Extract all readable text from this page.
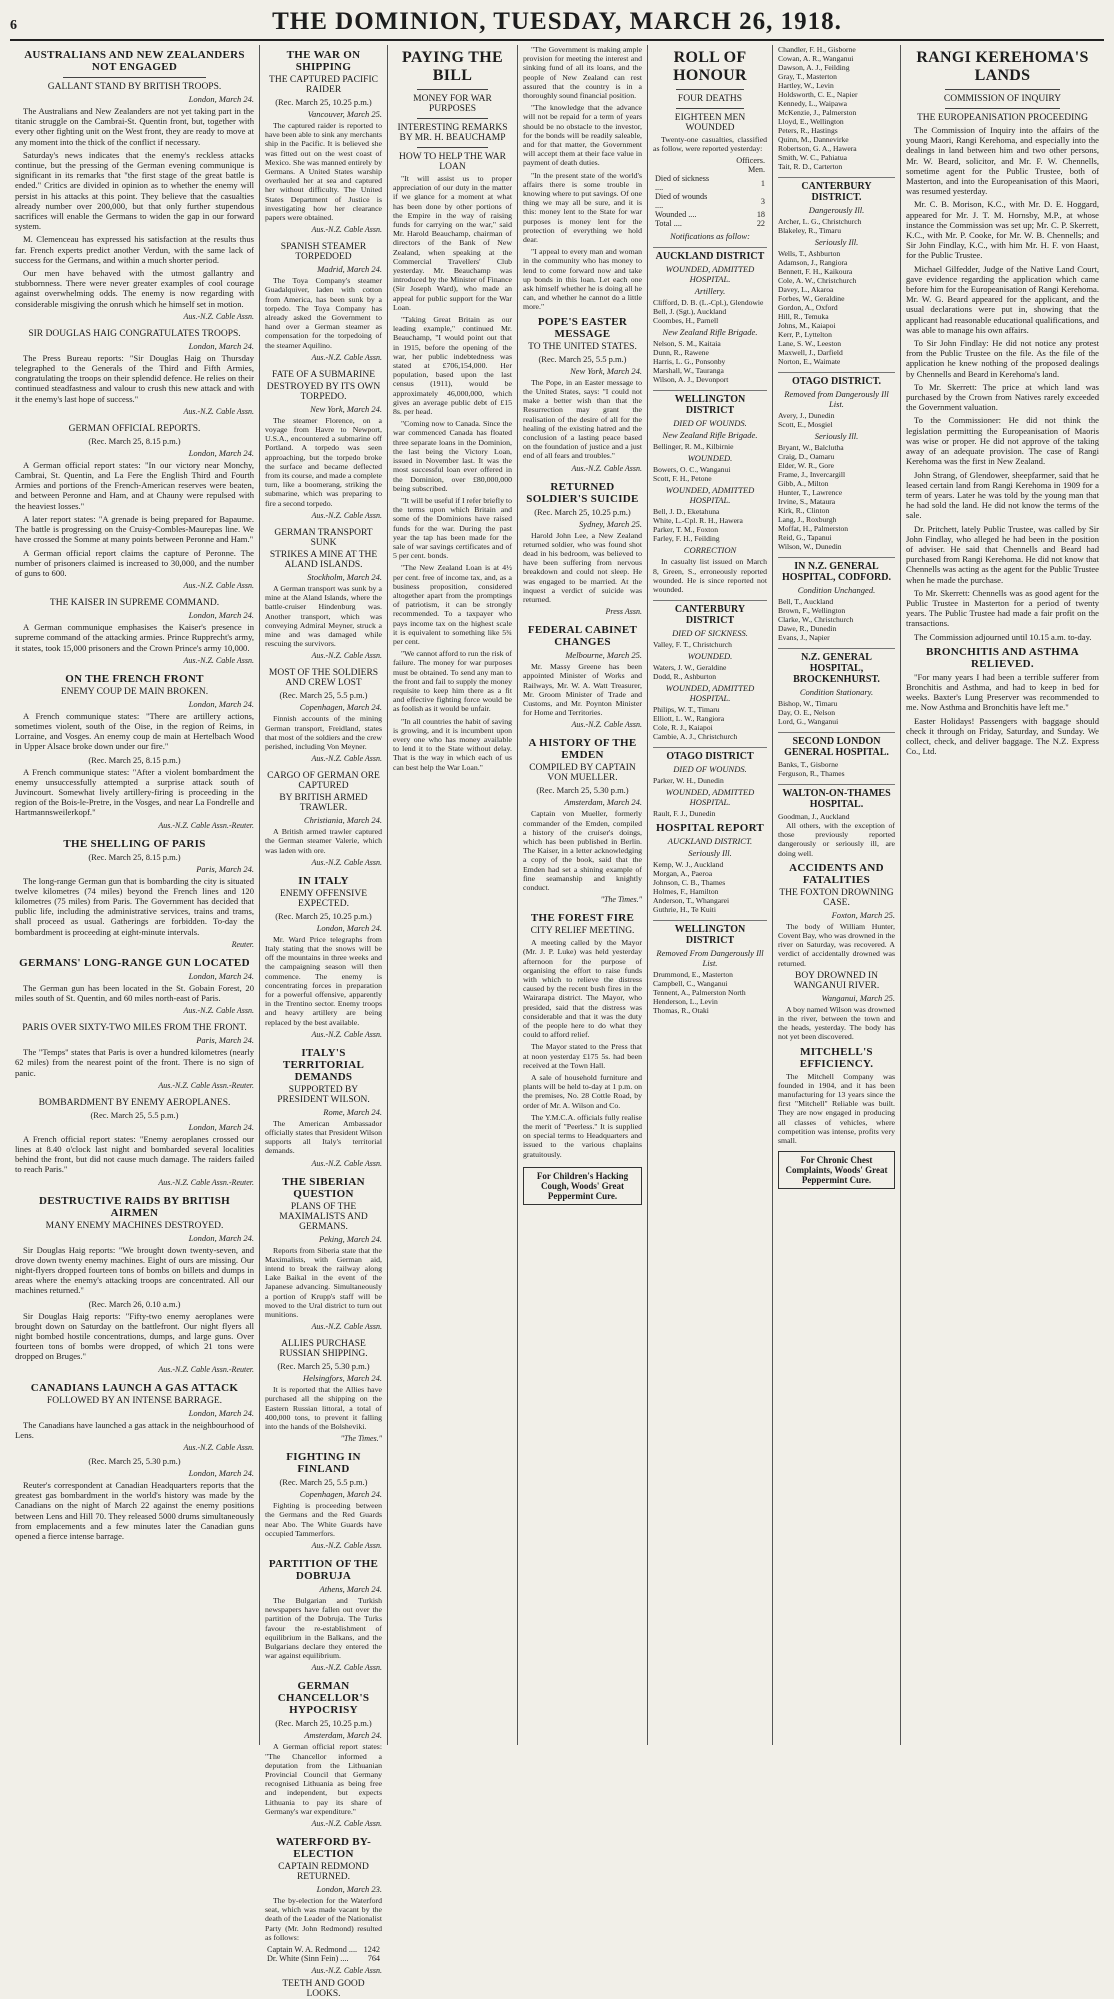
6	THE DOMINION, TUESDAY, MARCH 26, 1918.
AUSTRALIANS AND NEW ZEALANDERS NOT ENGAGED
GALLANT STAND BY BRITISH TROOPS.
London, March 24.

The Australians and New Zealanders are not yet taking part in the titanic struggle on the Cambrai-St. Quentin front, but, together with every other fighting unit on the West front, they are ready to move at any moment into the thick of the conflict if necessary.

Saturday's news indicates that the enemy's reckless attacks continue, but the pressing of the German evening communique is significant in its remarks that "the first stage of the great battle is ended." Critics are divided in opinion as to whether the enemy will persist in his attacks at this point. They believe that the casualties already number over 200,000, but that only further stupendous sacrifices will enable the Germans to widen the gap in our forward system.

M. Clemenceau has expressed his satisfaction at the results thus far. French experts predict another Verdun, with the same lack of success for the Germans, and within a much shorter period.

Our men have behaved with the utmost gallantry and stubbornness. There were never greater examples of cool courage against overwhelming odds. The enemy is now regarding with considerable misgiving the onrush which he himself set in motion.

Aus.-N.Z. Cable Assn.
SIR DOUGLAS HAIG CONGRATULATES TROOPS.
London, March 24.

The Press Bureau reports: "Sir Douglas Haig on Thursday telegraphed to the Generals of the Third and Fifth Armies, congratulating the troops on their splendid defence. He relies on their continued steadfastness and valour to crush this new attack and with it the enemy's last hope of success."

Aus.-N.Z. Cable Assn.
GERMAN OFFICIAL REPORTS.
(Rec. March 25, 8.15 p.m.)
London, March 24.

A German official report states: "In our victory near Monchy, Cambrai, St. Quentin, and La Fere the English Third and Fourth Armies and portions of the French-American reserves were beaten, and between Peronne and Ham, and at Chauny were repulsed with the heaviest losses."

A later report states: "A grenade is being prepared for Bapaume. The battle is progressing on the Cruisy-Combles-Maurepas line. We have crossed the Somme at many points between Peronne and Ham."

A German official report claims the capture of Peronne. The number of prisoners claimed is increased to 30,000, and the number of guns to 600.

Aus.-N.Z. Cable Assn.
THE KAISER IN SUPREME COMMAND.
London, March 24.

A German communique emphasises the Kaiser's presence in supreme command of the attacking armies. Prince Rupprecht's army, it states, took 15,000 prisoners and the Crown Prince's army 10,000.

Aus.-N.Z. Cable Assn.
ON THE FRENCH FRONT
ENEMY COUP DE MAIN BROKEN.
London, March 24.

A French communique states: "There are artillery actions, sometimes violent, south of the Oise, in the region of Reims, in Lorraine, and Vosges. An enemy coup de main at Hertelbach Wood in Upper Alsace broke down under our fire."

(Rec. March 25, 8.15 p.m.)

A French communique states: "After a violent bombardment the enemy unsuccessfully attempted a surprise attack south of Juvincourt. Somewhat lively artillery-firing is proceeding in the region of the Bois-le-Pretre, in the Vosges, and near La Fondrelle and Hartmannsweilerkopf."

Aus.-N.Z. Cable Assn.-Reuter.
THE SHELLING OF PARIS
(Rec. March 25, 8.15 p.m.)
Paris, March 24.

The long-range German gun that is bombarding the city is situated twelve kilometres (74 miles) beyond the French lines and 120 kilometres (75 miles) from Paris. The Government has decided that public life, including the administrative services, trains and trams, shall proceed as usual. Gatherings are forbidden. To-day the bombardment is proceeding at eight-minute intervals.

Reuter.
GERMANS' LONG-RANGE GUN LOCATED
London, March 24.

The German gun has been located in the St. Gobain Forest, 20 miles south of St. Quentin, and 60 miles north-east of Paris.

Aus.-N.Z. Cable Assn.
PARIS OVER SIXTY-TWO MILES FROM THE FRONT.
Paris, March 24.

The "Temps" states that Paris is over a hundred kilometres (nearly 62 miles) from the nearest point of the front. There is no sign of panic.

Aus.-N.Z. Cable Assn.-Reuter.
BOMBARDMENT BY ENEMY AEROPLANES.
(Rec. March 25, 5.5 p.m.)
London, March 24.

A French official report states: "Enemy aeroplanes crossed our lines at 8.40 o'clock last night and bombarded several localities behind the front, but did not cause much damage. The raiders failed to reach Paris."

Aus.-N.Z. Cable Assn.-Reuter.
DESTRUCTIVE RAIDS BY BRITISH AIRMEN
MANY ENEMY MACHINES DESTROYED.
London, March 24.

Sir Douglas Haig reports: "We brought down twenty-seven, and drove down twenty enemy machines. Eight of ours are missing. Our night-flyers dropped fourteen tons of bombs on billets and dumps in areas where the enemy's attacking troops are concentrated. All our machines returned."

(Rec. March 26, 0.10 a.m.)

Sir Douglas Haig reports: "Fifty-two enemy aeroplanes were brought down on Saturday on the battlefront. Our night flyers all night bombed hostile concentrations, dumps, and large guns. Over fourteen tons of bombs were dropped, of which 21 tons were dropped on Bruges."

Aus.-N.Z. Cable Assn.-Reuter.
CANADIANS LAUNCH A GAS ATTACK
FOLLOWED BY AN INTENSE BARRAGE.
London, March 24.

The Canadians have launched a gas attack in the neighbourhood of Lens.

Aus.-N.Z. Cable Assn.
(Rec. March 25, 5.30 p.m.)
London, March 24.

Reuter's correspondent at Canadian Headquarters reports that the greatest gas bombardment in the world's history was made by the Canadians on the night of March 22 against the enemy positions between Lens and Hill 70. They released 5000 drums simultaneously from emplacements and a few minutes later the Canadian guns opened a fierce intense barrage.

THE WAR ON SHIPPING
THE CAPTURED PACIFIC RAIDER
(Rec. March 25, 10.25 p.m.)
Vancouver, March 25.

The captured raider is reported to have been able to sink any merchants ship in the Pacific. It is believed she was fitted out on the west coast of Mexico. She was manned entirely by Germans. A United States warship overhauled her at sea and captured her without difficulty. The United States Department of Justice is investigating how her clearance papers were obtained.

Aus.-N.Z. Cable Assn.
SPANISH STEAMER TORPEDOED
Madrid, March 24.

The Toya Company's steamer Guadalquiver, laden with cotton from America, has been sunk by a torpedo. The Toya Company has already asked the Government to hand over a German steamer as compensation for the torpedoing of the steamer Aquilino.

Aus.-N.Z. Cable Assn.
FATE OF A SUBMARINE
DESTROYED BY ITS OWN TORPEDO.
New York, March 24.

The steamer Florence, on a voyage from Havre to Newport, U.S.A., encountered a submarine off Portland. A torpedo was seen approaching, but the torpedo broke the surface and became deflected from its course, and made a complete turn, like a boomerang, striking the submarine, which was preparing to fire a second torpedo.

Aus.-N.Z. Cable Assn.
GERMAN TRANSPORT SUNK
STRIKES A MINE AT THE ALAND ISLANDS.
Stockholm, March 24.

A German transport was sunk by a mine at the Aland Islands, where the battle-cruiser Hindenburg was. Another transport, which was conveying Admiral Meyner, struck a mine and was damaged while rescuing the survivors.

Aus.-N.Z. Cable Assn.
MOST OF THE SOLDIERS AND CREW LOST
(Rec. March 25, 5.5 p.m.)
Copenhagen, March 24.

Finnish accounts of the mining German transport, Freidland, states that most of the soldiers and the crew perished, including Von Meyner.

Aus.-N.Z. Cable Assn.
CARGO OF GERMAN ORE CAPTURED
BY BRITISH ARMED TRAWLER.
Christiania, March 24.

A British armed trawler captured the German steamer Valerie, which was laden with ore.

Aus.-N.Z. Cable Assn.
IN ITALY
ENEMY OFFENSIVE EXPECTED.
(Rec. March 25, 10.25 p.m.)
London, March 24.

Mr. Ward Price telegraphs from Italy stating that the snows will be off the mountains in three weeks and the campaigning season will then commence. The enemy is concentrating forces in preparation for a powerful offensive, apparently in the Trentino sector. Enemy troops and heavy artillery are being replaced by the best available.

Aus.-N.Z. Cable Assn.
ITALY'S TERRITORIAL DEMANDS
SUPPORTED BY PRESIDENT WILSON.
Rome, March 24.

The American Ambassador officially states that President Wilson supports all Italy's territorial demands.

Aus.-N.Z. Cable Assn.
THE SIBERIAN QUESTION
PLANS OF THE MAXIMALISTS AND GERMANS.
Peking, March 24.

Reports from Siberia state that the Maximalists, with German aid, intend to break the railway along Lake Baikal in the event of the Japanese advancing. Simultaneously a portion of Krupp's staff will be moved to the Ural district to turn out munitions.

Aus.-N.Z. Cable Assn.
ALLIES PURCHASE RUSSIAN SHIPPING.
(Rec. March 25, 5.30 p.m.)
Helsingfors, March 24.

It is reported that the Allies have purchased all the shipping on the Eastern Russian littoral, a total of 400,000 tons, to prevent it falling into the hands of the Bolsheviki.

"The Times."
FIGHTING IN FINLAND
(Rec. March 25, 5.5 p.m.)
Copenhagen, March 24.

Fighting is proceeding between the Germans and the Red Guards near Abo. The White Guards have occupied Tammerfors.

Aus.-N.Z. Cable Assn.
PARTITION OF THE DOBRUJA
Athens, March 24.

The Bulgarian and Turkish newspapers have fallen out over the partition of the Dobruja. The Turks favour the re-establishment of equilibrium in the Balkans, and the Bulgarians declare they entered the war against equilibrium.

Aus.-N.Z. Cable Assn.
GERMAN CHANCELLOR'S HYPOCRISY
(Rec. March 25, 10.25 p.m.)
Amsterdam, March 24.

A German official report states: "The Chancellor informed a deputation from the Lithuanian Provincial Council that Germany recognised Lithuania as being free and independent, but expects Lithuania to pay its share of Germany's war expenditure."

Aus.-N.Z. Cable Assn.
WATERFORD BY-ELECTION
CAPTAIN REDMOND RETURNED.
London, March 23.

The by-election for the Waterford seat, which was made vacant by the death of the Leader of the Nationalist Party (Mr. John Redmond) resulted as follows:

Captain W. A. Redmond ....	1242
Dr. White (Sinn Fein) ....	764
Aus.-N.Z. Cable Assn.
TEETH AND GOOD LOOKS.
PAYING THE BILL
MONEY FOR WAR PURPOSES
INTERESTING REMARKS BY MR. H. BEAUCHAMP
HOW TO HELP THE WAR LOAN

"It will assist us to proper appreciation of our duty in the matter if we glance for a moment at what has been done by other portions of the Empire in the way of raising funds for carrying on the war," said Mr. Harold Beauchamp, chairman of directors of the Bank of New Zealand, when speaking at the Commercial Travellers' Club yesterday. Mr. Beauchamp was introduced by the Minister of Finance (Sir Joseph Ward), who made an appeal for public support for the War Loan.

"Taking Great Britain as our leading example," continued Mr. Beauchamp, "I would point out that in 1915, before the opening of the war, her public indebtedness was stated at £706,154,000. Her population, based upon the last census (1911), would be approximately 46,000,000, which gives an average public debt of £15 8s. per head.

"Coming now to Canada. Since the war commenced Canada has floated three separate loans in the Dominion, the last being the Victory Loan, issued in November last. It was the most successful loan ever offered in the Dominion, over £80,000,000 being subscribed.

"It will be useful if I refer briefly to the terms upon which Britain and some of the Dominions have raised funds for the war. During the past year the tap has been made for the sale of war savings certificates and of 5 per cent. bonds.

"The New Zealand Loan is at 4½ per cent. free of income tax, and, as a business proposition, considered altogether apart from the promptings of patriotism, it can be strongly recommended. To a taxpayer who pays income tax on the highest scale it is equivalent to something like 5¾ per cent.

"We cannot afford to run the risk of failure. The money for war purposes must be obtained. To send any man to the front and fail to supply the money requisite to keep him there as a fit and effective fighting force would be as foolish as it would be unfair.

"In all countries the habit of saving is growing, and it is incumbent upon every one who has money available to lend it to the State without delay. That is the way in which each of us can best help the War Loan."

"The Government is making ample provision for meeting the interest and sinking fund of all its loans, and the people of New Zealand can rest assured that the country is in a thoroughly sound financial position.

"The knowledge that the advance will not be repaid for a term of years should be no obstacle to the investor, for the bonds will be readily saleable, and for that matter, the Government will accept them at their face value in payment of death duties.

"In the present state of the world's affairs there is some trouble in knowing where to put savings. Of one thing we may all be sure, and it is this: money lent to the State for war purposes is money lent for the protection of everything we hold dear.

"I appeal to every man and woman in the community who has money to lend to come forward now and take up bonds in this loan. Let each one ask himself whether he is doing all he can, and whether he cannot do a little more."

POPE'S EASTER MESSAGE
TO THE UNITED STATES.
(Rec. March 25, 5.5 p.m.)
New York, March 24.

The Pope, in an Easter message to the United States, says: "I could not make a better wish than that the Resurrection may grant the realisation of the desire of all for the healing of the existing hatred and the conclusion of a lasting peace based on the foundation of justice and a just end of all fears and troubles."

Aus.-N.Z. Cable Assn.
RETURNED SOLDIER'S SUICIDE
(Rec. March 25, 10.25 p.m.)
Sydney, March 25.

Harold John Lee, a New Zealand returned soldier, who was found shot dead in his bedroom, was believed to have been suffering from nervous breakdown and could not sleep. He was engaged to be married. At the inquest a verdict of suicide was returned.

Press Assn.
FEDERAL CABINET CHANGES
Melbourne, March 25.

Mr. Massy Greene has been appointed Minister of Works and Railways, Mr. W. A. Watt Treasurer, Mr. Groom Minister of Trade and Customs, and Mr. Poynton Minister for Home and Territories.

Aus.-N.Z. Cable Assn.
A HISTORY OF THE EMDEN
COMPILED BY CAPTAIN VON MUELLER.
(Rec. March 25, 5.30 p.m.)
Amsterdam, March 24.

Captain von Mueller, formerly commander of the Emden, compiled a history of the cruiser's doings, which has been published in Berlin. The Kaiser, in a letter acknowledging a copy of the book, said that the Emden had set a shining example of fine seamanship and knightly conduct.

"The Times."
THE FOREST FIRE
CITY RELIEF MEETING.

A meeting called by the Mayor (Mr. J. P. Luke) was held yesterday afternoon for the purpose of organising the effort to raise funds with which to relieve the distress caused by the recent bush fires in the Wairarapa district. The Mayor, who presided, said that the distress was considerable and that it was the duty of the people here to do what they could to afford relief.

The Mayor stated to the Press that at noon yesterday £175 5s. had been received at the Town Hall.

A sale of household furniture and plants will be held to-day at 1 p.m. on the premises, No. 28 Cottle Road, by order of Mr. A. Wilson and Co.

The Y.M.C.A. officials fully realise the merit of "Peerless." It is supplied on special terms to Headquarters and issued to the various chaplains gratuitously.

For Children's Hacking Cough, Woods' Great Peppermint Cure.
ROLL OF HONOUR
FOUR DEATHS
EIGHTEEN MEN WOUNDED

Twenty-one casualties, classified as follow, were reported yesterday:

	Officers. Men.
Died of sickness ....	1
Died of wounds ....	3
Wounded ....	18
Total ....	22
Notifications as follow:
AUCKLAND DISTRICT
WOUNDED, ADMITTED HOSPITAL.
Artillery.
Clifford, D. B. (L.-Cpl.), Glendowie
Bell, J. (Sgt.), Auckland
Coombes, H., Parnell
New Zealand Rifle Brigade.
Nelson, S. M., Kaitaia
Dunn, R., Rawene
Harris, L. G., Ponsonby
Marshall, W., Tauranga
Wilson, A. J., Devonport
WELLINGTON DISTRICT
DIED OF WOUNDS.
New Zealand Rifle Brigade.
Bellinger, R. M., Kilbirnie
WOUNDED.
Bowers, O. C., Wanganui
Scott, F. H., Petone
WOUNDED, ADMITTED HOSPITAL.
Bell, J. D., Eketahuna
White, L.-Cpl. R. H., Hawera
Parker, T. M., Foxton
Farley, F. H., Feilding
CORRECTION

In casualty list issued on March 8, Green, S., erroneously reported wounded. He is since reported not wounded.

CANTERBURY DISTRICT
DIED OF SICKNESS.
Valley, F. T., Christchurch
WOUNDED.
Waters, J. W., Geraldine
Dodd, R., Ashburton
WOUNDED, ADMITTED HOSPITAL.
Philips, W. T., Timaru
Elliott, L. W., Rangiora
Cole, R. J., Kaiapoi
Cambie, A. J., Christchurch
OTAGO DISTRICT
DIED OF WOUNDS.
Parker, W. H., Dunedin
WOUNDED, ADMITTED HOSPITAL.
Rault, F. J., Dunedin
HOSPITAL REPORT
AUCKLAND DISTRICT.
Seriously Ill.
Kemp, W. J., Auckland
Morgan, A., Paeroa
Johnson, C. B., Thames
Holmes, F., Hamilton
Anderson, T., Whangarei
Guthrie, H., Te Kuiti
WELLINGTON DISTRICT
Removed From Dangerously Ill List.
Drummond, E., Masterton
Campbell, C., Wanganui
Tennent, A., Palmerston North
Henderson, L., Levin
Thomas, R., Otaki
Chandler, F. H., Gisborne
Cowan, A. R., Wanganui
Dawson, A. J., Feilding
Gray, T., Masterton
Hartley, W., Levin
Holdsworth, C. E., Napier
Kennedy, L., Waipawa
McKenzie, J., Palmerston
Lloyd, E., Wellington
Peters, R., Hastings
Quinn, M., Dannevirke
Robertson, G. A., Hawera
Smith, W. C., Pahiatua
Tait, R. D., Carterton
CANTERBURY DISTRICT.
Dangerously Ill.
Archer, L. G., Christchurch
Blakeley, R., Timaru
Seriously Ill.
Wells, T., Ashburton
Adamson, J., Rangiora
Bennett, F. H., Kaikoura
Cole, A. W., Christchurch
Davey, L., Akaroa
Forbes, W., Geraldine
Gordon, A., Oxford
Hill, R., Temuka
Johns, M., Kaiapoi
Kerr, P., Lyttelton
Lane, S. W., Leeston
Maxwell, J., Darfield
Norton, E., Waimate
OTAGO DISTRICT.
Removed from Dangerously Ill List.
Avery, J., Dunedin
Scott, E., Mosgiel
Seriously Ill.
Bryant, W., Balclutha
Craig, D., Oamaru
Elder, W. R., Gore
Frame, J., Invercargill
Gibb, A., Milton
Hunter, T., Lawrence
Irvine, S., Mataura
Kirk, R., Clinton
Lang, J., Roxburgh
Moffat, H., Palmerston
Reid, G., Tapanui
Wilson, W., Dunedin
IN N.Z. GENERAL HOSPITAL, CODFORD.
Condition Unchanged.
Bell, T., Auckland
Brown, F., Wellington
Clarke, W., Christchurch
Dawe, R., Dunedin
Evans, J., Napier
N.Z. GENERAL HOSPITAL, BROCKENHURST.
Condition Stationary.
Bishop, W., Timaru
Day, O. E., Nelson
Lord, G., Wanganui
SECOND LONDON GENERAL HOSPITAL.
Banks, T., Gisborne
Ferguson, R., Thames
WALTON-ON-THAMES HOSPITAL.
Goodman, J., Auckland

All others, with the exception of those previously reported dangerously or seriously ill, are doing well.

ACCIDENTS AND FATALITIES
THE FOXTON DROWNING CASE.
Foxton, March 25.

The body of William Hunter, Covent Bay, who was drowned in the river on Saturday, was recovered. A verdict of accidentally drowned was returned.

BOY DROWNED IN WANGANUI RIVER.
Wanganui, March 25.

A boy named Wilson was drowned in the river, between the town and the heads, yesterday. The body has not yet been discovered.

MITCHELL'S EFFICIENCY.

The Mitchell Company was founded in 1904, and it has been manufacturing for 13 years since the first "Mitchell" Reliable was built. They are now engaged in producing all classes of vehicles, where competition was intense, profits very small.

For Chronic Chest Complaints, Woods' Great Peppermint Cure.
RANGI KEREHOMA'S LANDS
COMMISSION OF INQUIRY
THE EUROPEANISATION PROCEEDING

The Commission of Inquiry into the affairs of the young Maori, Rangi Kerehoma, and especially into the dealings in land between him and two other persons, Mr. W. Beard, solicitor, and Mr. F. W. Chennells, sometime agent for the Public Trustee, both of Masterton, and into the Europeanisation of this Maori, was resumed yesterday.

Mr. C. B. Morison, K.C., with Mr. D. E. Hoggard, appeared for Mr. J. T. M. Hornsby, M.P., at whose instance the Commission was set up; Mr. C. P. Skerrett, K.C., with Mr. P. Cooke, for Mr. W. B. Chennells; and Sir John Findlay, K.C., with him Mr. H. F. von Haast, for the Public Trustee.

Michael Gilfedder, Judge of the Native Land Court, gave evidence regarding the application which came before him for the Europeanisation of Rangi Kerehoma. Mr. W. G. Beard appeared for the applicant, and the usual declarations were put in, showing that the applicant had reasonable educational qualifications, and was able to manage his own affairs.

To Sir John Findlay: He did not notice any protest from the Public Trustee on the file. As the file of the application he knew nothing of the proposed dealings by Chennells and Beard in Kerehoma's land.

To Mr. Skerrett: The price at which land was purchased by the Crown from Natives rarely exceeded the Government valuation.

To the Commissioner: He did not think the legislation permitting the Europeanisation of Maoris was wise or proper. He did not approve of the taking away of an adequate provision. The case of Rangi Kerehoma was the first in New Zealand.

John Strang, of Glendower, sheepfarmer, said that he leased certain land from Rangi Kerehoma in 1909 for a term of years. Later he was told by the young man that he had sold the land. He did not know the terms of the sale.

Dr. Pritchett, lately Public Trustee, was called by Sir John Findlay, who alleged he had been in the position of adviser. He said that Chennells and Beard had purchased from Rangi Kerehoma. He did not know that Chennells was acting as the agent for the Public Trustee when he made the purchase.

To Mr. Skerrett: Chennells was as good agent for the Public Trustee in Masterton for a period of twenty years. The Public Trustee had made a fair profit on the transactions.

The Commission adjourned until 10.15 a.m. to-day.

BRONCHITIS AND ASTHMA RELIEVED.

"For many years I had been a terrible sufferer from Bronchitis and Asthma, and had to keep in bed for weeks. Baxter's Lung Preserver was recommended to me. Now Asthma and Bronchitis have left me."

Easter Holidays! Passengers with baggage should check it through on Friday, Saturday, and Sunday. We collect, check, and deliver baggage. The N.Z. Express Co., Ltd.
